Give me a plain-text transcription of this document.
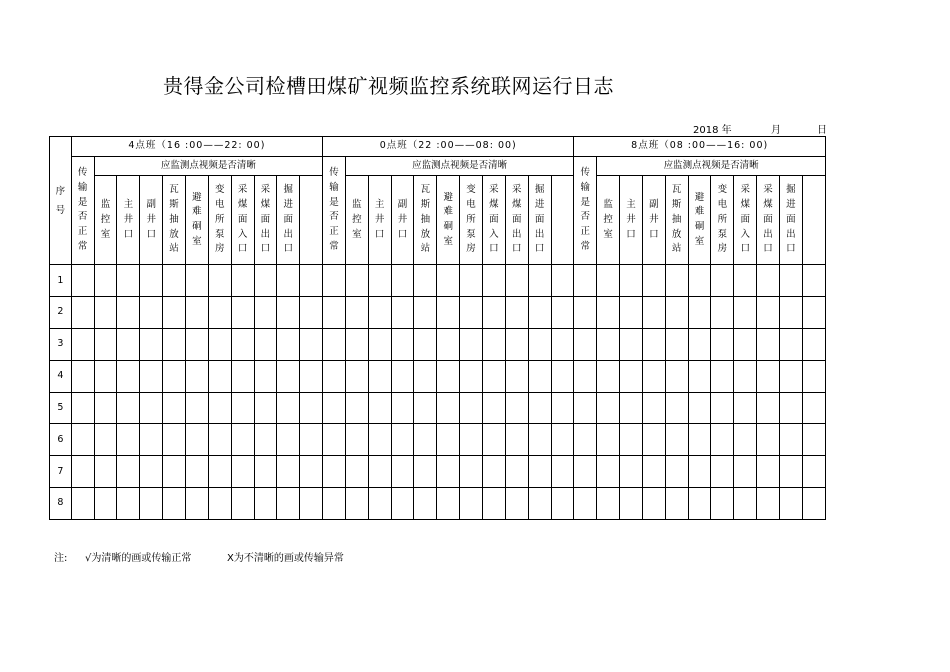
贵得金公司检槽田煤矿视频监控系统联网运行日志
2018 年	月	日
序号	4点班（16 :00——22: 00)											0点班（22 :00——08: 00)											8点班（08 :00——16: 00)										
	传输是否正常	应监测点视频是否清晰										传输是否正常	应监测点视频是否清晰										传输是否正常	应监测点视频是否清晰									
		监控室	主井口	副井口	瓦斯抽放站	避难硐室	变电所泵房	采煤面入口	采煤面出口	掘进面出口			监控室	主井口	副井口	瓦斯抽放站	避难硐室	变电所泵房	采煤面入口	采煤面出口	掘进面出口			监控室	主井口	副井口	瓦斯抽放站	避难硐室	变电所泵房	采煤面入口	采煤面出口	掘进面出口	
1																																	
2																																	
3																																	
4																																	
5																																	
6																																	
7																																	
8																																	
注: √为清晰的画或传输正常	X为不清晰的画或传输异常
